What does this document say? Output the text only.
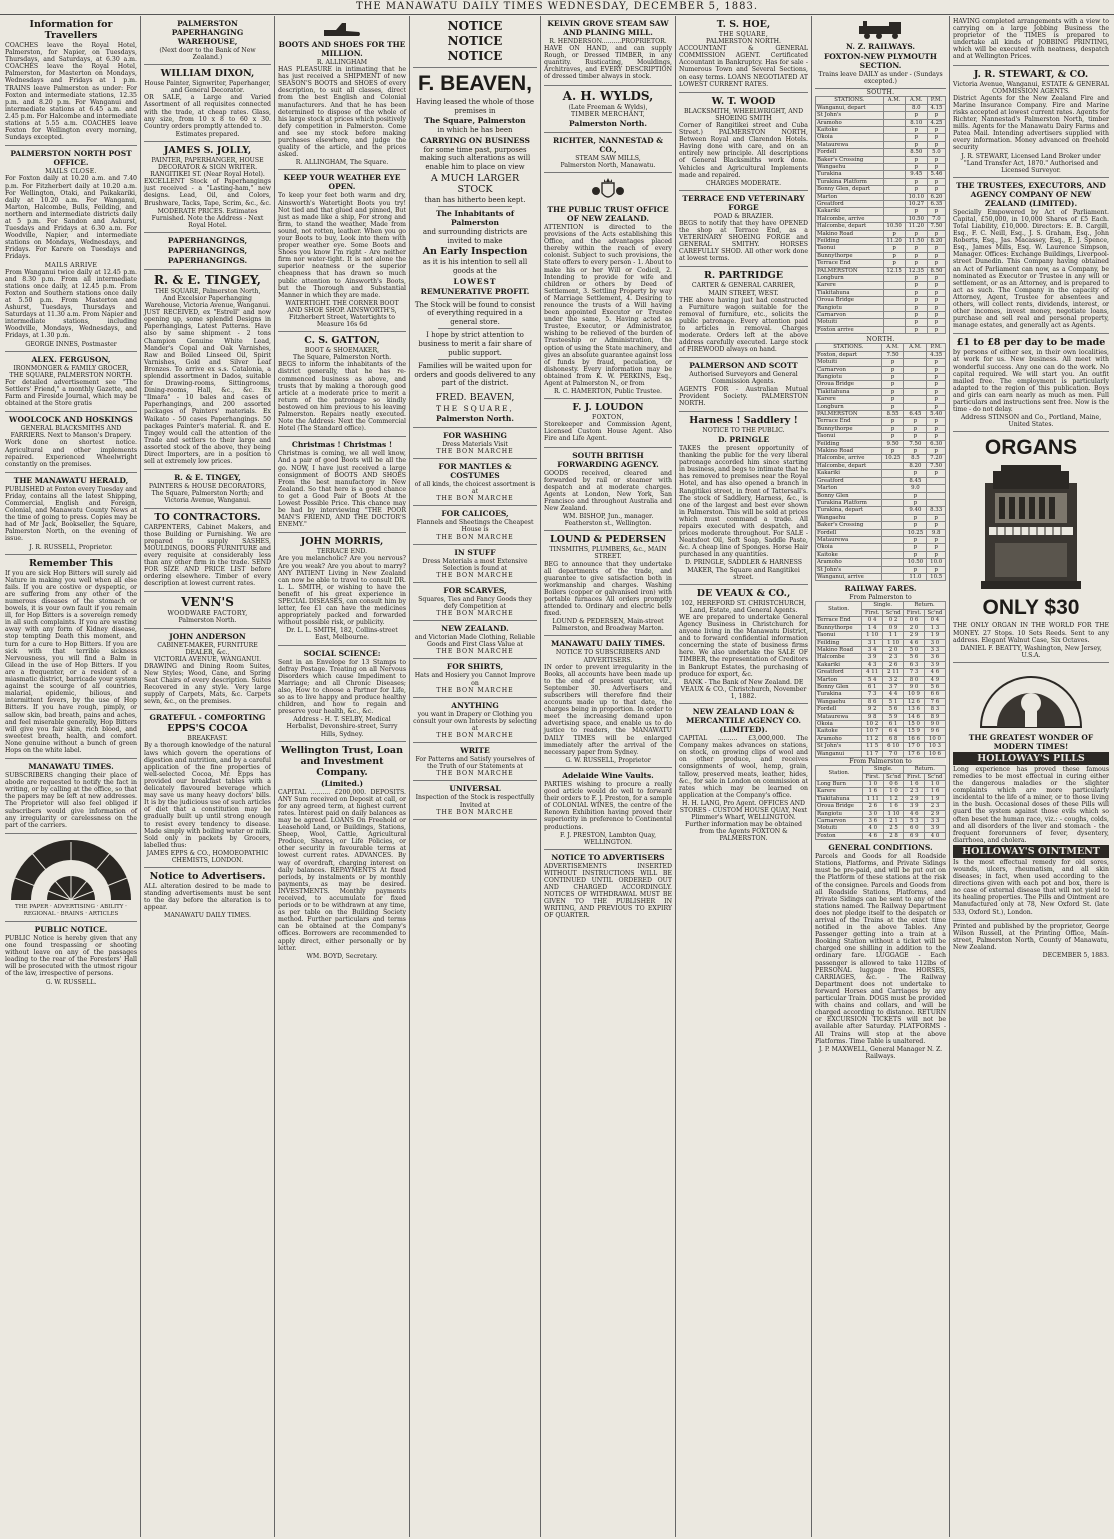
THE MANAWATU DAILY TIMES WEDNESDAY, DECEMBER 5, 1883.
Information for Travellers

COACHES leave the Royal Hotel, Palmerston, for Napier, on Tuesdays, Thursdays, and Saturdays, at 6.30 a.m. COACHES leave the Royal Hotel, Palmerston, for Masterton on Mondays, Wednesdays and Fridays at 1 p.m. TRAINS leave Palmerston as under: For Foxton and intermediate stations, 12.35 p.m. and 8.20 p.m. For Wanganui and intermediate stations at 6.45 a.m. and 2.45 p.m. For Halcombe and intermediate stations at 5.55 a.m. COACHES leave Foxton for Wellington every morning, Sundays excepted.

PALMERSTON NORTH POST OFFICE.
MAILS CLOSE.

For Foxton daily at 10.20 a.m. and 7.40 p.m. For Fitzherbert daily at 10.20 a.m. For Wellington, Otaki, and Paikakariki, daily at 10.20 a.m. For Wanganui, Marton, Halcombe, Bulls, Feilding, and northern and intermediate districts daily at 5 p.m. For Sandon and Ashurst, Tuesdays and Fridays at 6.30 a.m. For Woodville, Napier, and intermediate stations on Mondays, Wednesdays, and Fridays. For Karere on Tuesdays and Fridays.

MAILS ARRIVE

From Wanganui twice daily at 12.45 p.m. and 8.30 p.m. From all intermediate stations once daily, at 12.45 p.m. From Foxton and Southern stations once daily at 5.50 p.m. From Masterton and Ashurst, Tuesdays, Thursdays and Saturdays at 11.30 a.m. From Napier and intermediate stations, including Woodville, Mondays, Wednesdays, and Fridays, at 1.30 p.m.

GEORGE INNES, Postmaster
ALEX. FERGUSON,
IRONMONGER & FAMILY GROCER,
THE SQUARE, PALMERSTON NORTH.

For detailed advertisement see "The Settlers' Friend," a monthly Gazette, and Farm and Fireside Journal, which may be obtained at the Store gratis

WOOLCOCK AND HOSKINGS
GENERAL BLACKSMITHS AND FARRIERS. Next to Manson's Drapery.

Work done on shortest notice. Agricultural and other implements repaired. Experienced Wheelwright constantly on the premises.

THE MANAWATU HERALD,

PUBLISHED at Foxton every Tuesday and Friday, contains all the latest Shipping, Commercial, English and Foreign, Colonial, and Manawatu County News at the time of going to press. Copies may be had of Mr Jack, Bookseller, the Square, Palmerston North, on the evening of issue.

J. R. RUSSELL, Proprietor.
Remember This

If you are sick Hop Bitters will surely aid Nature in making you well when all else fails. If you are costive or dyspeptic, or are suffering from any other of the numerous diseases of the stomach or bowels, it is your own fault if you remain ill, for Hop Bitters is a sovereign remedy in all such complaints. If you are wasting away with any form of Kidney disease, stop tempting Death this moment, and turn for a cure to Hop Bitters. If you are sick with that terrible sickness Nervousness, you will find a Balm in Gilead in the use of Hop Bitters. If you are a frequenter, or a resident of a miasmatic district, barricade your system against the scourge of all countries, malarial, epidemic, bilious, and intermittent fevers, by the use of Hop Bitters. If you have rough, pimply, or sallow skin, bad breath, pains and aches, and feel miserable generally, Hop Bitters will give you fair skin, rich blood, and sweetest breath, health, and comfort. None genuine without a bunch of green Hops on the white label.

MANAWATU TIMES.

SUBSCRIBERS changing their place of abode are requested to notify the fact in writing, or by calling at the office, so that the papers may be left at new addresses. The Proprietor will also feel obliged if subscribers would give information of any irregularity or carelessness on the part of the carriers.

THE PAPER · ADVERTISING · ABILITY · REGIONAL · BRAINS · ARTICLES
PUBLIC NOTICE.

PUBLIC Notice is hereby given that any one found trespassing or shooting without leave on any of the passages leading to the rear of the Foresters' Hall will be prosecuted with the utmost rigour of the law, irrespective of persons.

G. W. RUSSELL.
PALMERSTON PAPERHANGING WAREHOUSE,
(Next door to the Bank of New Zealand.)
WILLIAM DIXON,
House Painter, Signwriter, Paperhanger, and General Decorator.

OR SALE, a Large and Varied Assortment of all requisites connected with the trade, at cheap rates. Glass, any size, from 10 x 8 to 60 x 30. Country orders promptly attended to.

Estimates prepared.
JAMES S. JOLLY,
PAINTER, PAPERHANGER, HOUSE DECORATOR & SIGN WRITER.
RANGITIKEI ST. (Near Royal Hotel).

EXCELLENT Stock of Paperhangings just received - a "Lasting-ham," new designs. Lead, Oil, and Colors, Brushware, Tacks, Tape, Scrim, &c., &c.

MODERATE PRICES. Estimates Furnished. Note the Address - Next Royal Hotel.
PAPERHANGINGS,
PAPERHANGINGS,
PAPERHANGINGS.
R. & E. TINGEY,
THE SQUARE, Palmerston North,
And Excelsior Paperhanging Warehouse, Victoria Avenue, Wanganui.

JUST RECEIVED, ex "Estrell" and now opening up, some splendid Designs in Paperhangings, Latest Patterns. Have also by same shipment - 2 tons Champion Genuine White Lead, Mander's Copal and Oak Varnishes, Raw and Boiled Linseed Oil, Spirit Varnishes, Gold and Silver Leaf Bronzes. To arrive ex s.s. Catalonia, a splendid assortment in Dados, suitable for Drawing-rooms, Sittingrooms, Dining-rooms, Hall, &c., &c. Ex "Ilmara" - 10 bales and cases of Paperhangings, and 200 assorted packages of Painters' materials. Ex Waikato - 50 cases Paperhangings. 50 packages Painter's material. R. and E. Tingey would call the attention of the Trade and settlers to their large and assorted stock of the above, they being Direct Importers, are in a position to sell at extremely low prices.

R. & E. TINGEY,
PAINTERS & HOUSE DECORATORS,
The Square, Palmerston North; and Victoria Avenue, Wanganui.
TO CONTRACTORS.

CARPENTERS, Cabinet Makers, and those Building or Furnishing. We are prepared to supply SASHES, MOULDINGS, DOORS FURNITURE and every requisite at considerably less than any other firm in the trade. SEND FOR SIZE AND PRICE LIST before ordering elsewhere. Timber of every description at lowest current rates.

VENN'S
WOODWARE FACTORY,
Palmerston North.
JOHN ANDERSON
CABINET-MAKER, FURNITURE DEALER, &c.,
VICTORIA AVENUE, WANGANUI.

DRAWING and Dining Room Suites, New Styles; Wood, Cane, and Spring Seat Chairs of every description. Suites Recovered in any style. Very large supply of Carpets, Mats, &c. Carpets sewn, &c., on the premises.

GRATEFUL - COMFORTING
EPPS'S COCOA
BREAKFAST.

By a thorough knowledge of the natural laws which govern the operations of digestion and nutrition, and by a careful application of the fine properties of well-selected Cocoa, Mr. Epps has provided our breakfast tables with a delicately flavoured beverage which may save us many heavy doctors' bills. It is by the judicious use of such articles of diet that a constitution may be gradually built up until strong enough to resist every tendency to disease. Made simply with boiling water or milk. Sold only in packets by Grocers, labelled thus:

JAMES EPPS & CO., HOMOEOPATHIC CHEMISTS, LONDON.
Notice to Advertisers.

ALL alteration desired to be made to standing advertisements must be sent to the day before the alteration is to appear.

MANAWATU DAILY TIMES.
BOOTS AND SHOES FOR THE MILLION.
R. ALLINGHAM

HAS PLEASURE in intimating that he has just received a SHIPMENT of new SEASON'S BOOTS and SHOES of every description, to suit all classes, direct from the best English and Colonial manufacturers. And that he has been determined to dispose of the whole of his large stock at prices which positively defy competition in Palmerston. Come and see my stock before making purchases elsewhere, and judge the quality of the article, and the prices asked.

R. ALLINGHAM, The Square.
KEEP YOUR WEATHER EYE OPEN.

To keep your feet both warm and dry, Ainsworth's Watertight Boots you try! Not tied and that glued and pinned, But just as made like a ship, For strong and firm, to stand the weather, Made from sound, not rotten, leather. When you go your Boots to buy, Look into them with proper weather eye. Some Boots and Shoes you know I'm right - Are neither firm nor water-tight. It is not alone the superior neatness or the superior cheapness that has drawn so much public attention to Ainsworth's Boots, but the Thorough and Substantial Manner in which they are made.

WATERTIGHT. THE CORNER BOOT AND SHOE SHOP. AINSWORTH'S, Fitzherbert Street, Watertights to Measure 16s 6d
C. S. GATTON,
BOOT & SHOEMAKER,
The Square, Palmerston North.

BEGS to inform the inhabitants of the district generally, that he has re-commenced business as above, and trusts that by making a thorough good article at a moderate price to merit a return of the patronage so kindly bestowed on him previous to his leaving Palmerston. Repairs neatly executed. Note the Address: Next the Commercial Hotel (The Standard office).

Christmas ! Christmas !

Christmas is coming, we all well know, And a pair of good Boots will be all the go. NOW, I have just received a large consignment of BOOTS AND SHOES From the best manufactory in New Zealand. So that here is a good chance to get a Good Pair of Boots At the Lowest Possible Price. This chance may be had by interviewing "THE POOR MAN'S FRIEND, AND THE DOCTOR'S ENEMY."

JOHN MORRIS,
TERRACE END.

Are you melancholic? Are you nervous? Are you weak? Are you about to marry? ANY PATIENT Living in New Zealand can now be able to travel to consult DR. L. L. SMITH, or wishing to have the benefit of his great experience in SPECIAL DISEASES, can consult him by letter, fee £1 can have the medicines appropriately packed and forwarded without possible risk, or publicity.

Dr. L. L. SMITH, 182, Collins-street East, Melbourne.
SOCIAL SCIENCE:

Sent in an Envelope for 13 Stamps to defray Postage. Treating on all Nervous Disorders which cause Impediment to Marriage; and all Chronic Diseases; also, How to choose a Partner for Life, so as to live happy and produce healthy children, and how to regain and preserve your health, &c., &c.

Address - H. T. SELBY, Medical Herbalist, Devonshire-street, Surry Hills, Sydney.
Wellington Trust, Loan and Investment Company.
(Limited.)

CAPITAL .......... £200,000. DEPOSITS. ANY Sum received on Deposit at call, or for any agreed term, at highest current rates. Interest paid on daily balances as may be agreed. LOANS On Freehold or Leasehold Land, or Buildings, Stations, Sheep, Wool, Cattle, Agricultural Produce, Shares, or Life Policies, or other security in favourable terms at lowest current rates. ADVANCES. By way of overdraft, charging interest on daily balances. REPAYMENTS At fixed periods, by instalments or by monthly payments, as may be desired. INVESTMENTS. Monthly payments received, to accumulate for fixed periods or to be withdrawn at any time, as per table on the Building Society method. Further particulars and terms can be obtained at the Company's offices. Borrowers are recommended to apply direct, either personally or by letter.

WM. BOYD, Secretary.
NOTICE
NOTICE
NOTICE
F. BEAVEN,
Having leased the whole of those premises in
The Square, Palmerston
in which he has been
CARRYING ON BUSINESS
for some time past, purposes making such alterations as will enable him to place on view
A MUCH LARGER STOCK
than has hitherto been kept.
The Inhabitants of Palmerston
and surrounding districts are invited to make
An Early Inspection
as it is his intention to sell all goods at the
LOWEST
REMUNERATIVE PROFIT.
The Stock will be found to consist of everything required in a general store.
I hope by strict attention to business to merit a fair share of public support.
Families will be waited upon for orders and goods delivered to any part of the district.
FRED. BEAVEN,
THE SQUARE,
Palmerston North.
FOR WASHING
Dress Materials Visit
THE BON MARCHE
FOR MANTLES & COSTUMES
of all kinds, the choicest assortment is at
THE BON MARCHE
FOR CALICOES,
Flannels and Sheetings the Cheapest House is
THE BON MARCHE
IN STUFF
Dress Materials a most Extensive Selection is found at
THE BON MARCHE
FOR SCARVES,
Squares, Ties and Fancy Goods they defy Competition at
THE BON MARCHE
NEW ZEALAND.
and Victorian Made Clothing, Reliable Goods and First Class Value at
THE BON MARCHE
FOR SHIRTS,
Hats and Hosiery you Cannot Improve on
THE BON MARCHE
ANYTHING
you want in Drapery or Clothing you consult your own Interests by selecting at
THE BON MARCHE
WRITE
For Patterns and Satisfy yourselves of the Truth of our Statements at
THE BON MARCHE
UNIVERSAL
Inspection of the Stock is respectfully Invited at
THE BON MARCHE
KELVIN GROVE STEAM SAW AND PLANING MILL.
R. HENDERSON..........PROPRIETOR.

HAVE ON HAND, and can supply Rough, or Dressed TIMBER, in any quantity. Rusticating, Mouldings, Architraves, and EVERY DESCRIPTION of dressed timber always in stock.

A. H. WYLDS,
(Late Freeman & Wylds),
TIMBER MERCHANT,
Palmerston North.
RICHTER, NANNESTAD & CO.,
STEAM SAW MILLS,
Palmerston North, Manawatu.
THE PUBLIC TRUST OFFICE OF NEW ZEALAND.

ATTENTION is directed to the provisions of the Acts establishing this Office, and the advantages placed thereby within the reach of every colonist. Subject to such provisions, the State offers to every person - 1. About to make his or her Will or Codicil, 2. Intending to provide for wife and children or others by Deed of Settlement, 3. Settling Property by way of Marriage Settlement, 4. Desiring to renounce the trusts of a Will having been appointed Executor or Trustee under the same, 5. Having acted as Trustee, Executor, or Administrator, wishing to be relieved of the burden of Trusteeship or Administration, the option of using the State machinery, and gives an absolute guarantee against loss of funds by fraud, peculation, or dishonesty. Every information may be obtained from K. W. PERKINS, Esq., Agent at Palmerston N., or from

R. C. HAMERTON, Public Trustee.
F. J. LOUDON
FOXTON,

Storekeeper and Commission Agent, Licensed Custom House Agent. Also Fire and Life Agent.

SOUTH BRITISH FORWARDING AGENCY.

GOODS received, cleared and forwarded by rail or steamer with despatch and at moderate charges. Agents at London, New York, San Francisco and throughout Australia and New Zealand.

WM. BISHOP, Jun., manager. Featherston st., Wellington.
LOUND & PEDERSEN
TINSMITHS, PLUMBERS, &c., MAIN STREET.

BEG to announce that they undertake all departments of the trade, and guarantee to give satisfaction both in workmanship and charges. Washing Boilers (copper or galvanised iron) with portable furnaces All orders promptly attended to. Ordinary and electric bells fixed.

LOUND & PEDERSEN, Main-street Palmerston, and Broadway Marton.
MANAWATU DAILY TIMES.
NOTICE TO SUBSCRIBERS AND ADVERTISERS.

IN order to prevent irregularity in the Books, all accounts have been made up to the end of present quarter, viz., September 30. Advertisers and subscribers will therefore find their accounts made up to that date, the charges being in proportion. In order to meet the increasing demand upon advertising space, and enable us to do justice to readers, the MANAWATU DAILY TIMES will be enlarged immediately after the arrival of the necessary paper from Sydney.

G. W. RUSSELL, Proprietor
Adelaide Wine Vaults.

PARTIES wishing to procure a really good article would do well to forward their orders to F. J. Preston, for a sample of COLONIAL WINES, the centre of the Renown Exhibition having proved their superiority in preference to Continental productions.

F. J. PRESTON, Lambton Quay, WELLINGTON.
NOTICE TO ADVERTISERS

ADVERTISEMENTS INSERTED WITHOUT INSTRUCTIONS WILL BE CONTINUED UNTIL ORDERED OUT AND CHARGED ACCORDINGLY. NOTICES OF WITHDRAWAL MUST BE GIVEN TO THE PUBLISHER IN WRITING, AND PREVIOUS TO EXPIRY OF QUARTER.

T. S. HOE,
THE SQUARE,
PALMERSTON NORTH.

ACCOUNTANT & GENERAL COMMISSION AGENT. Certificated Accountant in Bankruptcy. Has for sale - Numerous Town and Several Sections, on easy terms. LOANS NEGOTIATED AT LOWEST CURRENT RATES.

W. T. WOOD
BLACKSMITH, WHEELWRIGHT, AND SHOEING SMITH

Corner of Rangitikei street and Cuba Street.) PALMERSTON NORTH, Between Royal and Clarendon Hotels. Having done with care, and on an entirely new principle. All descriptions of General Blacksmiths work done. Vehicles and Agricultural Implements made and repaired.

CHARGES MODERATE.
TERRACE END VETERINARY FORGE
POAD & BRAZIER.

BEGS to notify that they have OPENED the shop at Terrace End, as a VETERINARY SHOEING FORGE and GENERAL SMITHY. HORSES CAREFULLY SHOD. All other work done at lowest terms.

R. PARTRIDGE
CARTER & GENERAL CARRIER,
MAIN STREET, WEST.

THE above having just had constructed a Furniture wagon suitable for the removal of furniture, etc., solicits the public patronage. Every attention paid to articles in removal. Charges moderate. Orders left at the above address carefully executed. Large stock of FIREWOOD always on hand.

PALMERSON AND SCOTT
Authorised Surveyors and General Commission Agents.

AGENTS FOR - Australian Mutual Provident Society. PALMERSTON NORTH.

Harness ! Saddlery !
NOTICE TO THE PUBLIC.
D. PRINGLE

TAKES the present opportunity of thanking the public for the very liberal patronage accorded him since starting in business, and begs to intimate that he has removed to premises near the Royal Hotel, and has also opened a branch in Rangitikei street, in front of Tattersall's. The stock of Saddlery, Harness, &c., is one of the largest and best ever shown in Palmerston. This will be sold at prices which must command a trade. All repairs executed with despatch, and prices moderate throughout. For SALE - Neatsfoot Oil, Soft Soap, Saddle Paste, &c. A cheap line of Sponges. Horse Hair purchased in any quantities.

D. PRINGLE, SADDLER & HARNESS MAKER, The Square and Rangitikei street.
DE VEAUX & CO.,
102, HEREFORD ST. CHRISTCHURCH, Land, Estate, and General Agents.

WE are prepared to undertake General Agency Business in Christchurch for anyone living in the Manawatu District, and to forward confidential information concerning the state of business firms here. We also undertake the SALE OF TIMBER, the representation of Creditors in Bankrupt Estates, the purchasing of produce for export, &c.

BANK - The Bank of New Zealand. DE VEAUX & CO., Christchurch, November 1, 1882.
NEW ZEALAND LOAN & MERCANTILE AGENCY CO. (LIMITED).

CAPITAL .......... £3,000,000. The Company makes advances on stations, on stock, on growing clips of wool and on other produce, and receives consignments of wool, hemp, grain, tallow, preserved meats, leather, hides, &c., for sale in London on commission at rates which may be learned on application at the Company's office.

H. H. LANG, Pro Agent. OFFICES AND STORES - CUSTOM HOUSE QUAY, Next Plimmer's Wharf, WELLINGTON. Further information may be obtained from the Agents FOXTON & PALMERSTON.
N. Z. RAILWAYS.
FOXTON-NEW PLYMOUTH SECTION.
Trains leave DAILY as under - (Sundays excepted.)
SOUTH.
STATIONS.	A.M.	A.M.	P.M.
Wanganui, depart		8.0	4.15
St John's		p	p
Aramoho		8.10	4.25
Kaitoke		p	p
Okoia		p	p
Mataurewa		p	p
Fordell		8.50	5.0
Baker's Crossing		p	p
Wangaehu		p	p
Turakina		9.45	5.46
Turakina Platform		p	p
Bonny Glen, depart		p	p
Marton		10.10	6.20
Greatford		10.27	6.35
Kakariki		p	p
Halcombe, arrive		10.50	7.0
Halcombe, depart	10.50	11.20	7.50
Makino Road	p	p	p
Feilding	11.20	11.50	8.20
Taonui	p	p	p
Bunnythorpe	p	p	p
Terrace End	p	p	p
PALMERSTON	12.15	12.35	8.50
Longburn		p	p
Karere		p	p
Tiakitahuna		p	p
Oroua Bridge		p	p
Rangiotu		p	p
Carnarvon		p	p
Motuiti		p	p
Foxton arrive		p	p
NORTH.
STATIONS.	A.M.	A.M.	P.M.
Foxton, depart	7.50		4.35
Motuiti	p		p
Carnarvon	p		p
Rangiotu	p		p
Oroua Bridge	p		p
Tiakitahuna	p		p
Karere	p		p
Longburn	p		p
PALMERSTON	8.55	6.45	5.40
Terrace End	p	p	p
Bunnythorpe	p	p	p
Taonui	p	p	p
Feilding	9.50	7.50	6.30
Makino Road	p	p	p
Halcombe, arrive	10.25	8.5	7.20
Halcombe, depart		8.20	7.50
Kakariki		p	p
Greatford		8.45	
Marton		9.0	
Bonny Glen		p	
Turakina Platform		p	
Turakina, depart		9.40	8.33
Wangaehu		p	p
Baker's Crossing		p	p
Fordell		10.25	9.8
Mataurewa		p	p
Okoia		p	p
Kaitoke		p	p
Aramoho		10.50	10.0
St John's		p	p
Wanganui, arrive		11.0	10.5
RAILWAY FARES.
From Palmerston to
Station.	Single.		Return.	
	First.	Sc'nd	First.	Sc'nd
Terrace End	0 4	0 2	0 6	0 4
Bunnythorpe	1 4	0 9	2 0	1 3
Taonui	1 10	1 1	2 9	1 9
Feilding	3 1	1 10	4 6	3 0
Makino Road	3 4	2 0	5 0	3 3
Halcombe	3 9	2 3	5 6	3 6
Kakariki	4 3	2 6	6 3	3 9
Greatford	4 11	2 11	7 3	4 6
Marton	5 4	3 2	8 0	4 9
Bonny Glen	6 1	3 7	9 0	5 6
Turakina	7 3	4 4	10 9	6 6
Wangaehu	8 6	5 1	12 6	7 6
Fordell	9 2	5 6	13 6	8 3
Mataurewa	9 8	5 9	14 6	8 9
Okoia	10 2	6 1	15 0	9 0
Kaitoke	10 7	6 4	15 9	9 6
Aramoho	11 2	6 8	16 6	10 0
St John's	11 5	6 10	17 0	10 3
Wanganui	11 7	7 0	17 6	10 6
From Palmerston to
Station.	Single.		Return.	
	First.	Sc'nd	First.	Sc'nd
Long Burn	1 0	0 6	1 6	1 0
Karere	1 6	1 0	2 3	1 6
Tiakitahuna	1 11	1 2	2 9	1 9
Oroua Bridge	2 6	1 6	3 9	2 3
Rangiotu	3 0	1 10	4 6	2 9
Carnarvon	3 6	2 1	5 3	3 3
Motuiti	4 0	2 5	6 0	3 9
Foxton	4 6	2 8	6 9	4 0
GENERAL CONDITIONS.

Parcels and Goods for all Roadside Stations, Platforms, and Private Sidings must be pre-paid, and will be put out on the Platform of these stations at the risk of the consignee. Parcels and Goods from all Roadside Stations, Platforms, and Private Sidings can be sent to any of the stations named. The Railway Department does not pledge itself to the despatch or arrival of the Trains at the exact time notified in the above Tables. Any Passenger getting into a train at a Booking Station without a ticket will be charged one shilling in addition to the ordinary fare. LUGGAGE - Each passenger is allowed to take 112lbs of PERSONAL luggage free. HORSES, CARRIAGES, &c. - The Railway Department does not undertake to forward Horses and Carriages by any particular Train. DOGS must be provided with chains and collars, and will be charged according to distance. RETURN or EXCURSION TICKETS will not be available after Saturday. PLATFORMS - All Trains will stop at the above Platforms. Time Table is unaltered.

J. P. MAXWELL, General Manager N. Z. Railways.

HAVING completed arrangements with a view to carrying on a large Jobbing Business the proprietor of the TIMES is prepared to undertake all kinds of JOBBING PRINTING, which will be executed with neatness, despatch and at Wellington Prices.

J. R. STEWART, & CO.
Victoria Avenue, Wanganui, ESTATE & GENERAL COMMISSION AGENTS.

District Agents for the New Zealand Fire and Marine Insurance Company. Fire and Marine risks accepted at lowest current rates. Agents for Richter, Nannestad's Palmerston North, timber mills. Agents for the Manawatu Dairy Farms and Patea Mail. Intending advertisers supplied with every information. Money advanced on freehold security

J. R. STEWART, Licensed Land Broker under "Land Transfer Act, 1870." Authorised and Licensed Surveyor.
THE TRUSTEES, EXECUTORS, AND AGENCY COMPANY OF NEW ZEALAND (LIMITED).

Specially Empowered by Act of Parliament. Capital, £50,000, in 10,000 Shares of £5 Each. Total Liability, £10,000. Directors: E. B. Cargill, Esq., F. C. Neill, Esq., J. S. Graham, Esq., John Roberts, Esq., Jas. Macassey, Esq., E. J. Spence, Esq., James Mills, Esq. W. Laurence Simpson, Manager. Offices: Exchange Buildings, Liverpool-street Dunedin. This Company having obtained an Act of Parliament can now, as a Company, be nominated as Executor or Trustee in any will or settlement, or as an Attorney, and is prepared to act as such. The Company in the capacity of Attorney, Agent, Trustee for absentees and others, will collect rents, dividends, interest, or other incomes, invest money, negotiate loans, purchase and sell real and personal property, manage estates, and generally act as Agents.

£1 to £8 per day to be made

by persons of either sex, in their own localities, at work for us. New business. All meet with wonderful success. Any one can do the work. No capital required. We will start you. An outfit mailed free. The employment is particularly adapted to the region of this publication. Boys and girls can earn nearly as much as men. Full particulars and instructions sent free. Now is the time - do not delay.

Address STINSON and Co., Portland, Maine, United States.
ORGANS
ONLY $30

THE ONLY ORGAN IN THE WORLD FOR THE MONEY. 27 Stops. 10 Sets Reeds. Sent to any address. Elegant Walnut Case, Six Octaves.

DANIEL F. BEATTY, Washington, New Jersey, U.S.A.
THE GREATEST WONDER OF MODERN TIMES!
HOLLOWAY'S PILLS

Long experience has proved these famous remedies to be most effectual in curing either the dangerous maladies or the slighter complaints which are more particularly incidental to the life of a miner, or to those living in the bush. Occasional doses of these Pills will guard the system against those evils which so often beset the human race, viz.: - coughs, colds, and all disorders of the liver and stomach - the frequent forerunners of fever, dysentery, diarrhoea, and cholera.

HOLLOWAY'S OINTMENT

Is the most effectual remedy for old sores, wounds, ulcers, rheumatism, and all skin diseases; in fact, when used according to the directions given with each pot and box, there is no case of external disease that will not yield to its healing properties. The Pills and Ointment are Manufactured only at 78, New Oxford St. (late 533, Oxford St.), London.

Printed and published by the proprietor, George Wilson Russell, at the Printing Office, Main-street, Palmerston North, County of Manawatu, New Zealand.

DECEMBER 5, 1883.
